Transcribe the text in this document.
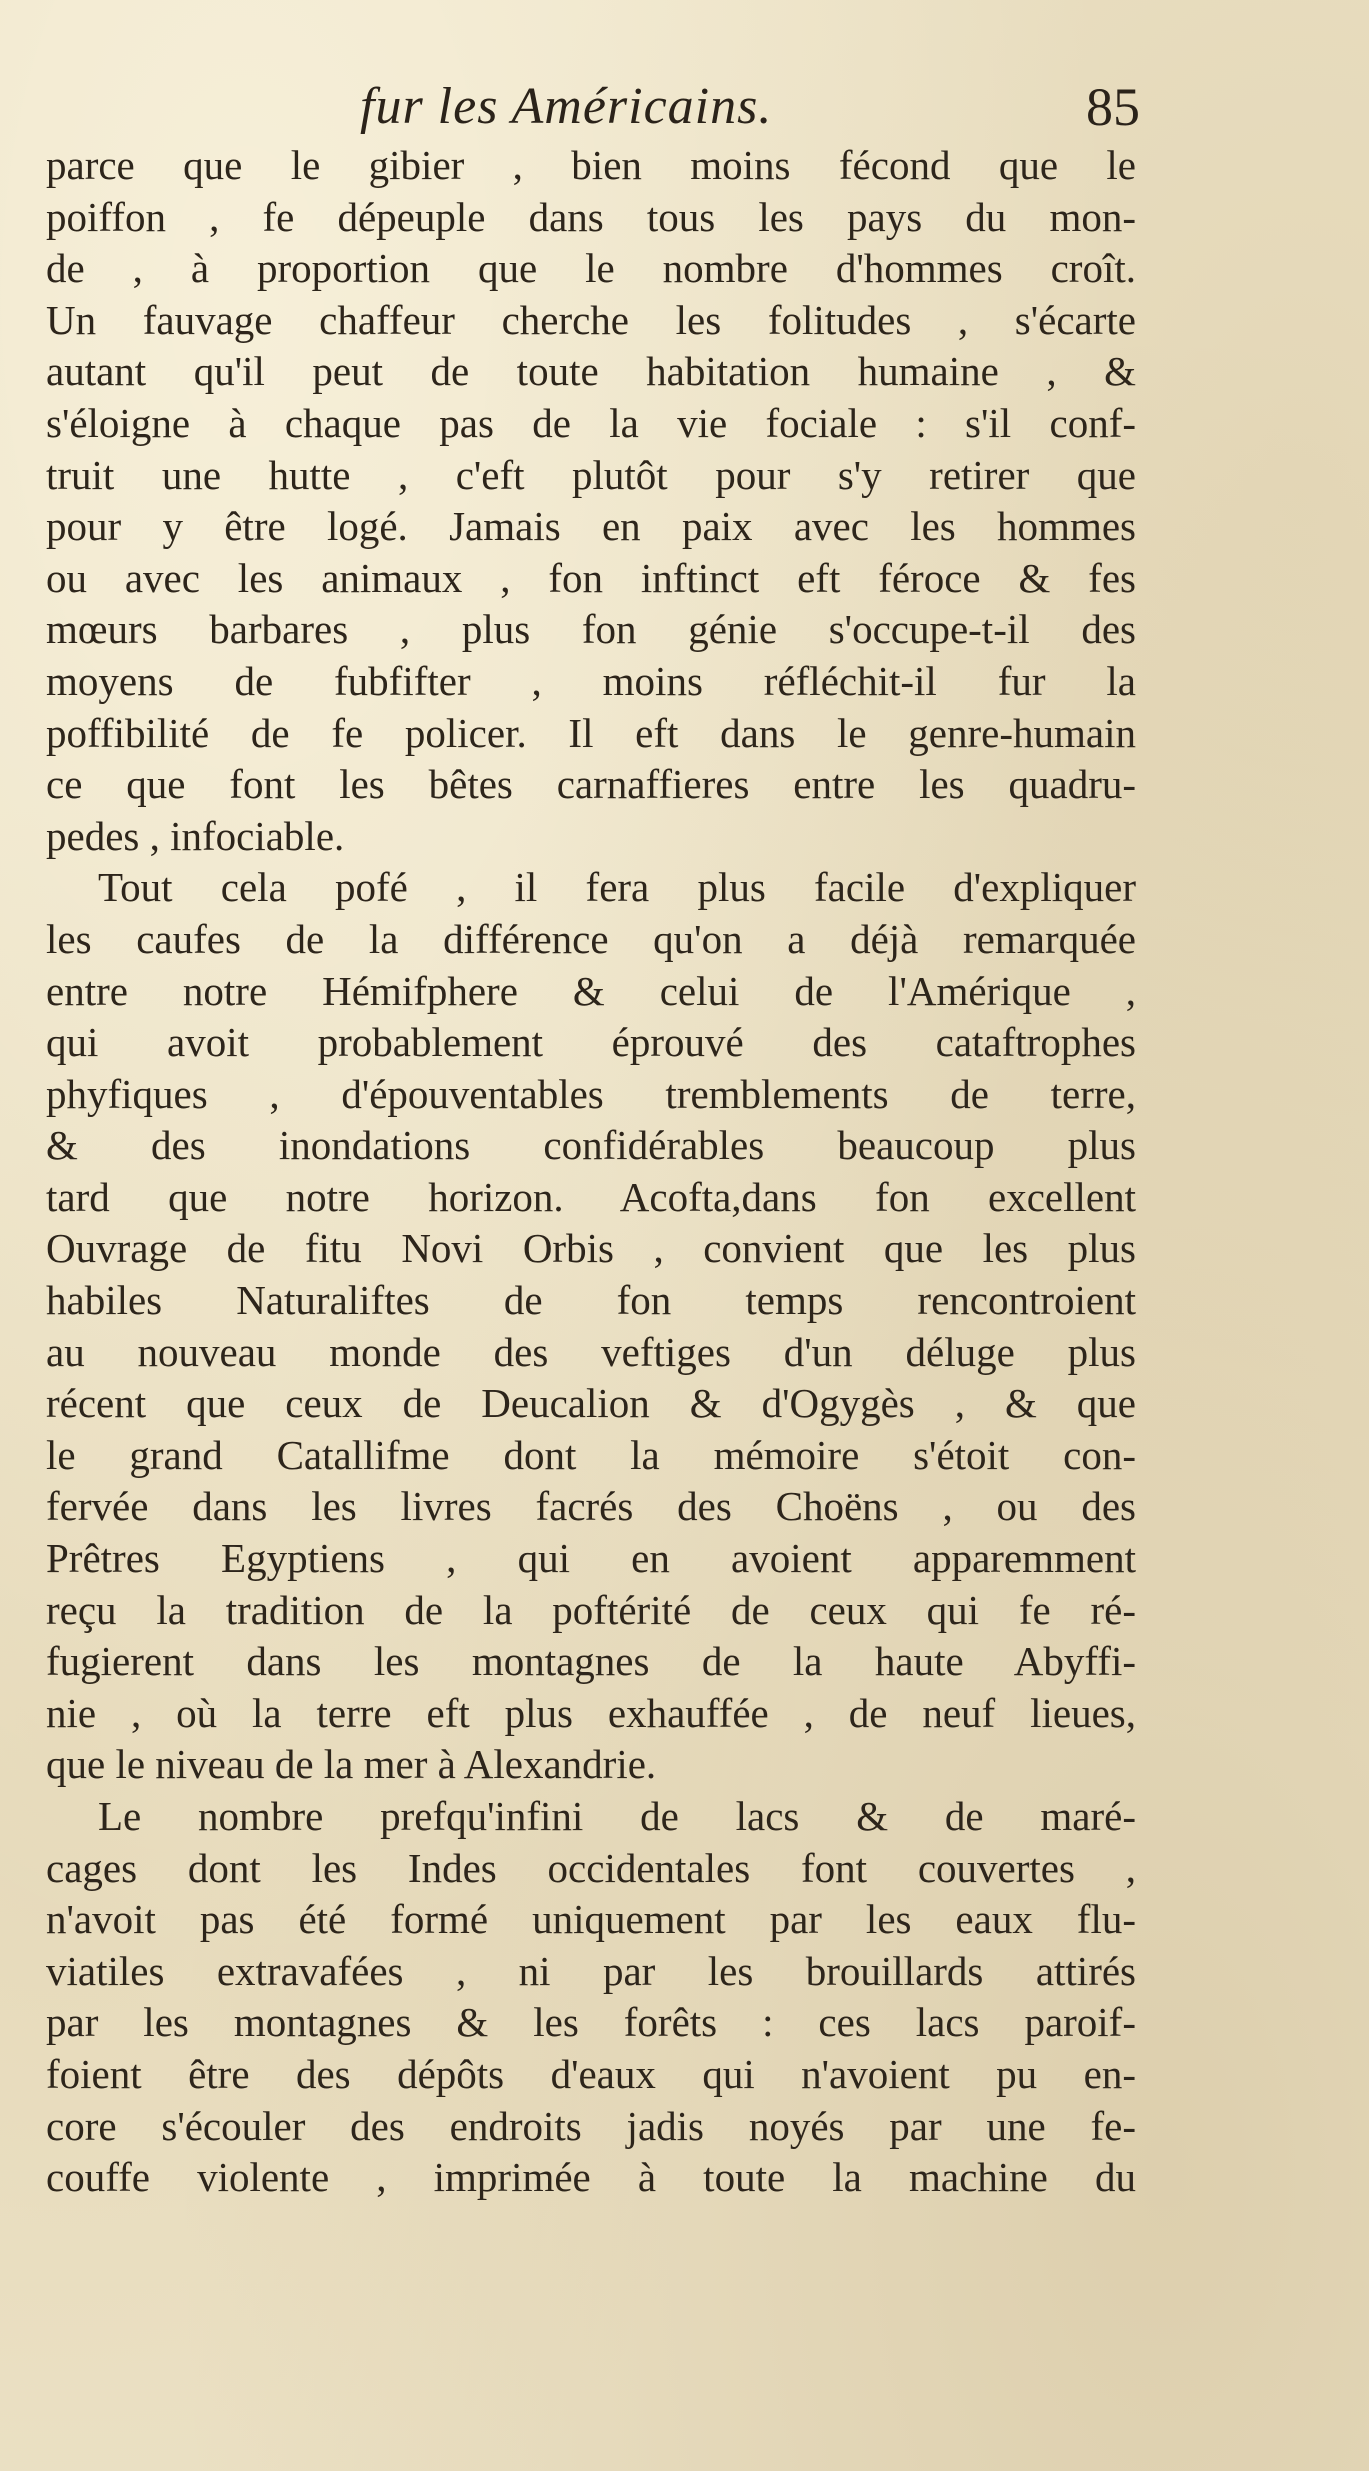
fur les Américains.	85
parce que le gibier , bien moins fécond que le
poiffon , fe dépeuple dans tous les pays du mon-
de , à proportion que le nombre d'hommes croît.
Un fauvage chaffeur cherche les folitudes , s'écarte
autant qu'il peut de toute habitation humaine , &
s'éloigne à chaque pas de la vie fociale : s'il conf-
truit une hutte , c'eft plutôt pour s'y retirer que
pour y être logé. Jamais en paix avec les hommes
ou avec les animaux , fon inftinct eft féroce & fes
mœurs barbares , plus fon génie s'occupe-t-il des
moyens de fubfifter , moins réfléchit-il fur la
poffibilité de fe policer. Il eft dans le genre-humain
ce que font les bêtes carnaffieres entre les quadru-
pedes , infociable.
Tout cela pofé , il fera plus facile d'expliquer
les caufes de la différence qu'on a déjà remarquée
entre notre Hémifphere & celui de l'Amérique ,
qui avoit probablement éprouvé des cataftrophes
phyfiques , d'épouventables tremblements de terre,
& des inondations confidérables beaucoup plus
tard que notre horizon. Acofta,dans fon excellent
Ouvrage de fitu Novi Orbis , convient que les plus
habiles Naturaliftes de fon temps rencontroient
au nouveau monde des veftiges d'un déluge plus
récent que ceux de Deucalion & d'Ogygès , & que
le grand Catallifme dont la mémoire s'étoit con-
fervée dans les livres facrés des Choëns , ou des
Prêtres Egyptiens , qui en avoient apparemment
reçu la tradition de la poftérité de ceux qui fe ré-
fugierent dans les montagnes de la haute Abyffi-
nie , où la terre eft plus exhauffée , de neuf lieues,
que le niveau de la mer à Alexandrie.
Le nombre prefqu'infini de lacs & de maré-
cages dont les Indes occidentales font couvertes ,
n'avoit pas été formé uniquement par les eaux flu-
viatiles extravafées , ni par les brouillards attirés
par les montagnes & les forêts : ces lacs paroif-
foient être des dépôts d'eaux qui n'avoient pu en-
core s'écouler des endroits jadis noyés par une fe-
couffe violente , imprimée à toute la machine du
